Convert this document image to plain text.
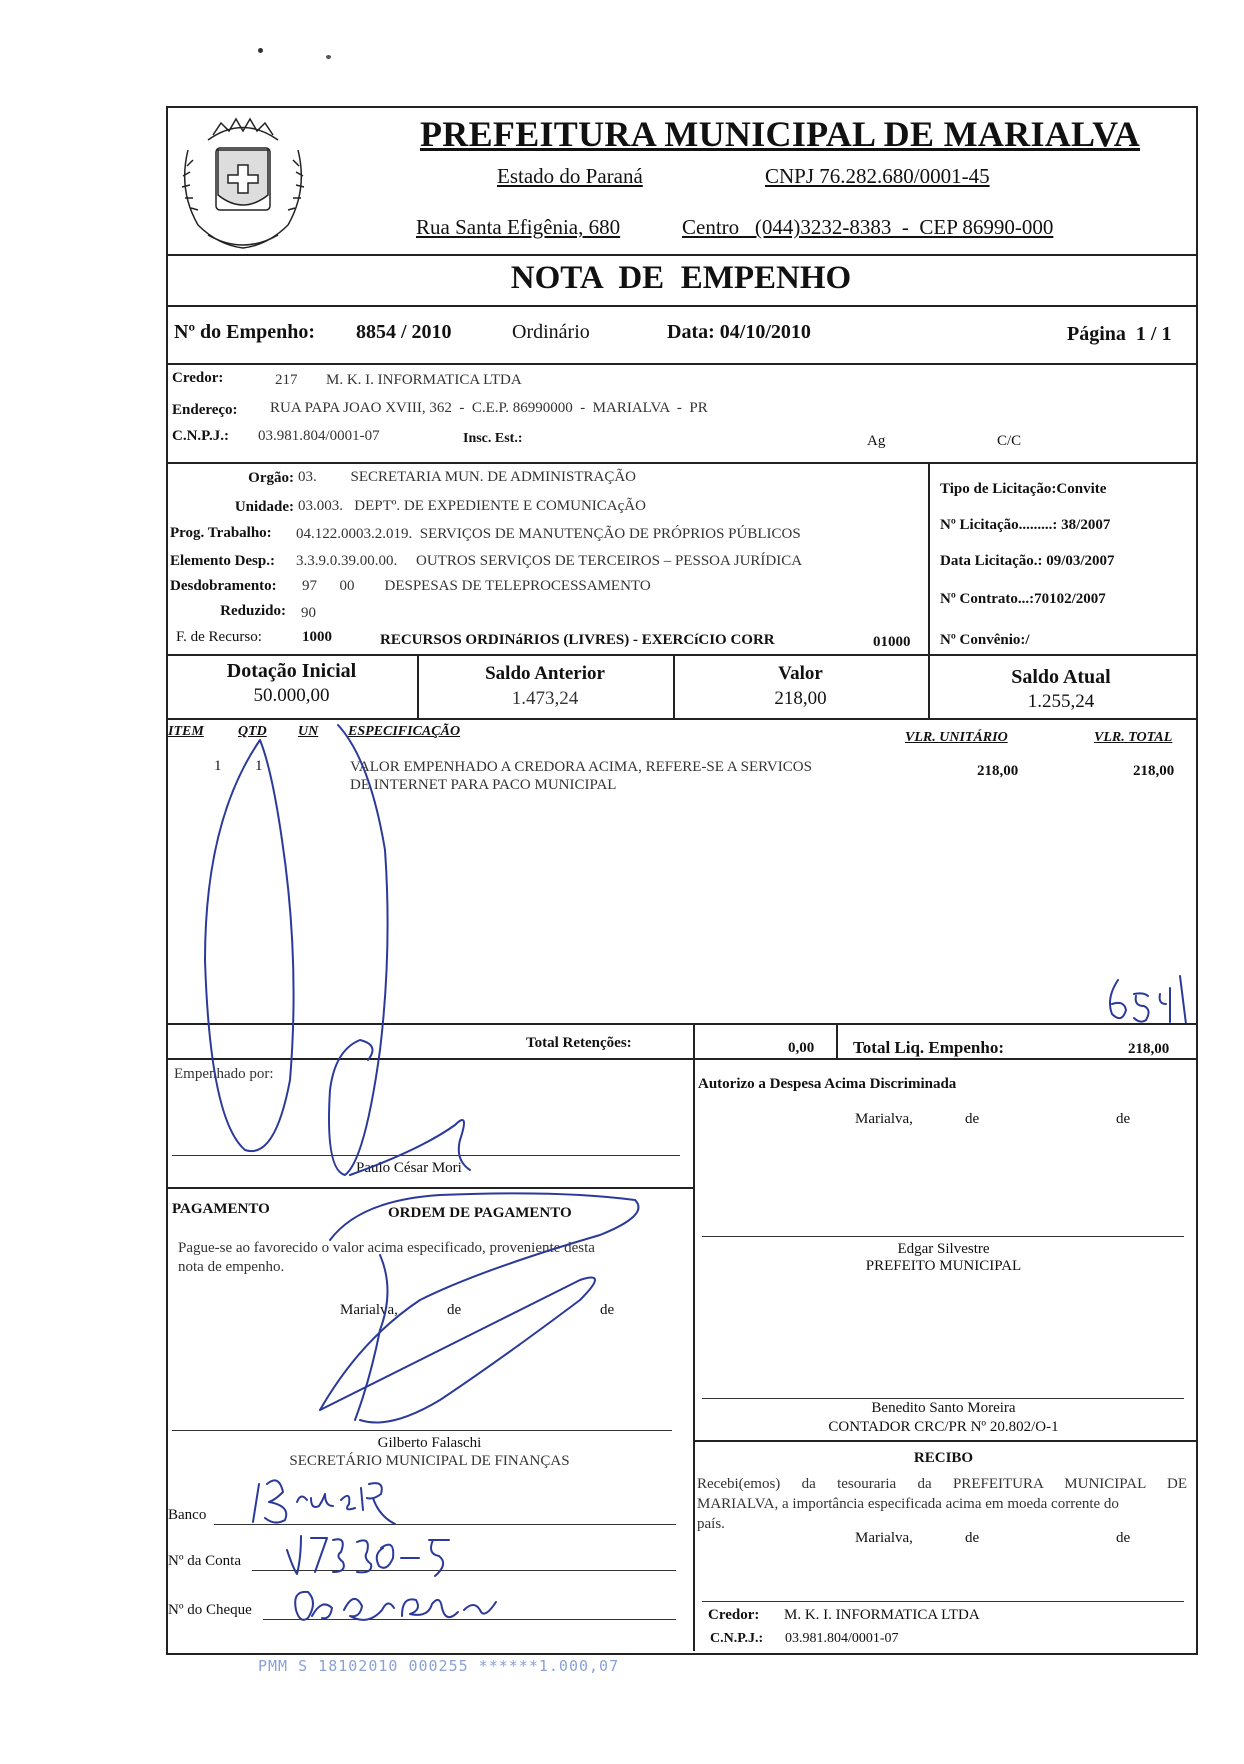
PREFEITURA MUNICIPAL DE MARIALVA
Estado do Paraná	CNPJ 76.282.680/0001-45
Rua Santa Efigênia, 680	Centro   (044)3232-8383  -  CEP 86990-000
NOTA  DE  EMPENHO
Nº do Empenho: 8854 / 2010	Ordinário	Data: 04/10/2010	Página  1 / 1
Credor:	217 M. K. I. INFORMATICA LTDA
Endereço: RUA PAPA JOAO XVIII, 362  -  C.E.P. 86990000  -  MARIALVA  -  PR
C.N.P.J.: 03.981.804/0001-07	Insc. Est.:	Ag	C/C
Orgão: 03.         SECRETARIA MUN. DE ADMINISTRAÇÃO
Unidade: 03.003.   DEPTº. DE EXPEDIENTE E COMUNICAçÃO
Prog. Trabalho: 04.122.0003.2.019.  SERVIÇOS DE MANUTENÇÃO DE PRÓPRIOS PÚBLICOS
Elemento Desp.: 3.3.9.0.39.00.00.     OUTROS SERVIÇOS DE TERCEIROS – PESSOA JURÍDICA
Desdobramento: 97      00        DESPESAS DE TELEPROCESSAMENTO
Reduzido: 90
F. de Recurso:	1000	RECURSOS ORDINáRIOS (LIVRES) - EXERCíCIO CORR	01000
Tipo de Licitação:Convite
Nº Licitação.........: 38/2007
Data Licitação.: 09/03/2007
Nº Contrato...:70102/2007
Nº Convênio:/
Dotação Inicial
50.000,00
Saldo Anterior
1.473,24
Valor
218,00
Saldo Atual
1.255,24
ITEM QTD UN ESPECIFICAÇÃO	VLR. UNITÁRIO	VLR. TOTAL
1 1	VALOR EMPENHADO A CREDORA ACIMA, REFERE-SE A SERVICOS
DE INTERNET PARA PACO MUNICIPAL
218,00	218,00
Total Retenções:	0,00 Total Liq. Empenho:	218,00
Empenhado por:
Paulo César Mori
Autorizo a Despesa Acima Discriminada
Marialva,	de	de
Edgar Silvestre
PREFEITO MUNICIPAL
Benedito Santo Moreira
CONTADOR CRC/PR Nº 20.802/O-1
PAGAMENTO	ORDEM DE PAGAMENTO
Pague-se ao favorecido o valor acima especificado, proveniente desta
nota de empenho.
Marialva,	de	de
Gilberto Falaschi
SECRETÁRIO MUNICIPAL DE FINANÇAS
Banco
Nº da Conta
Nº do Cheque
RECIBO
Recebi(emos) da tesouraria da PREFEITURA MUNICIPAL DE
MARIALVA, a importância especificada acima em moeda corrente do
país.
Marialva,	de	de
Credor: M. K. I. INFORMATICA LTDA
C.N.P.J.: 03.981.804/0001-07
PMM S 18102010 000255 ******1.000,07
